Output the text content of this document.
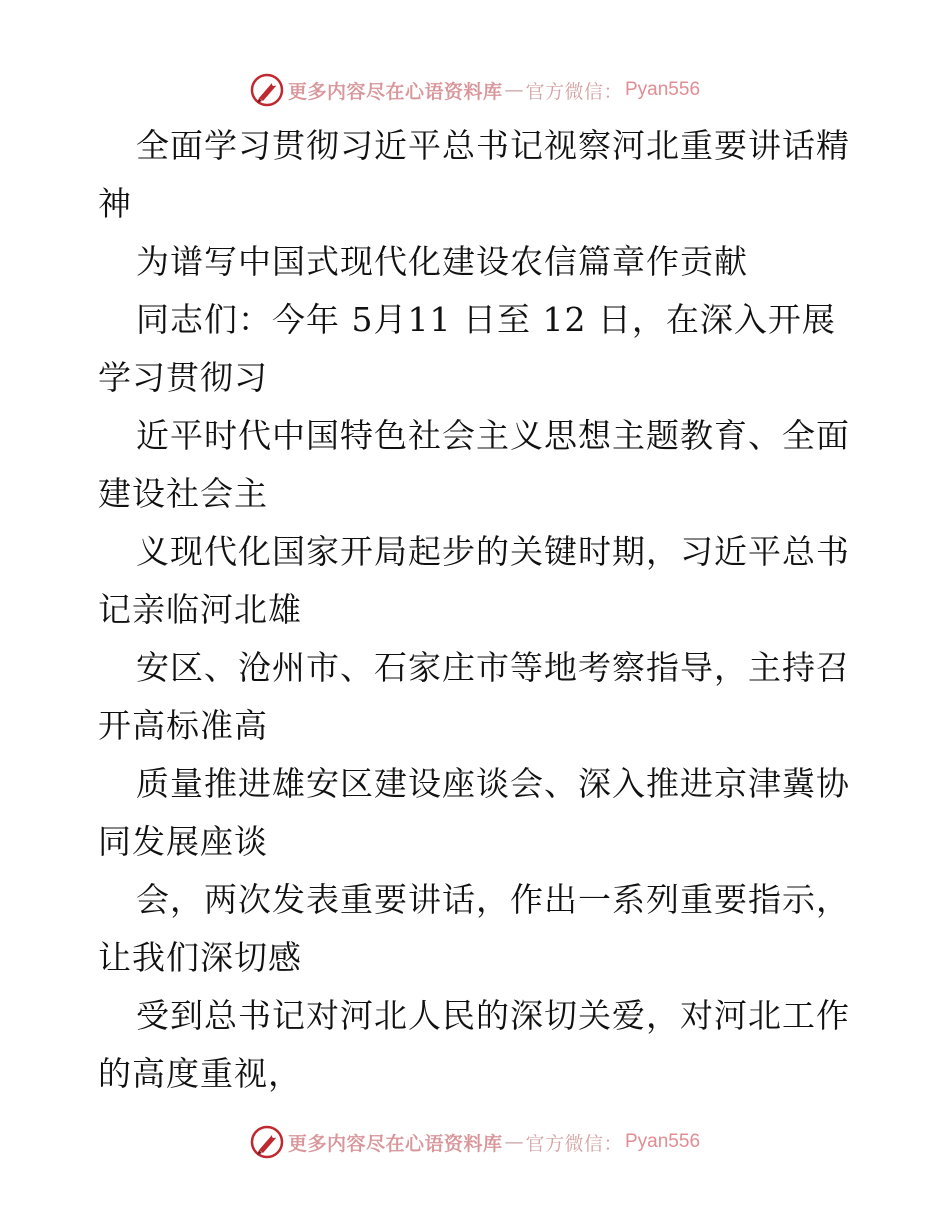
更多内容尽在心语资料库 — 官方微信： Pyan556
全面学习贯彻习近平总书记视察河北重要讲话精
神
为谱写中国式现代化建设农信篇章作贡献
同志们：今年 5月11 日至 12 日，在深入开展
学习贯彻习
近平时代中国特色社会主义思想主题教育、全面
建设社会主
义现代化国家开局起步的关键时期，习近平总书
记亲临河北雄
安区、沧州市、石家庄市等地考察指导，主持召
开高标准高
质量推进雄安区建设座谈会、深入推进京津冀协
同发展座谈
会，两次发表重要讲话，作出一系列重要指示，
让我们深切感
受到总书记对河北人民的深切关爱，对河北工作
的高度重视，
更多内容尽在心语资料库 — 官方微信： Pyan556
